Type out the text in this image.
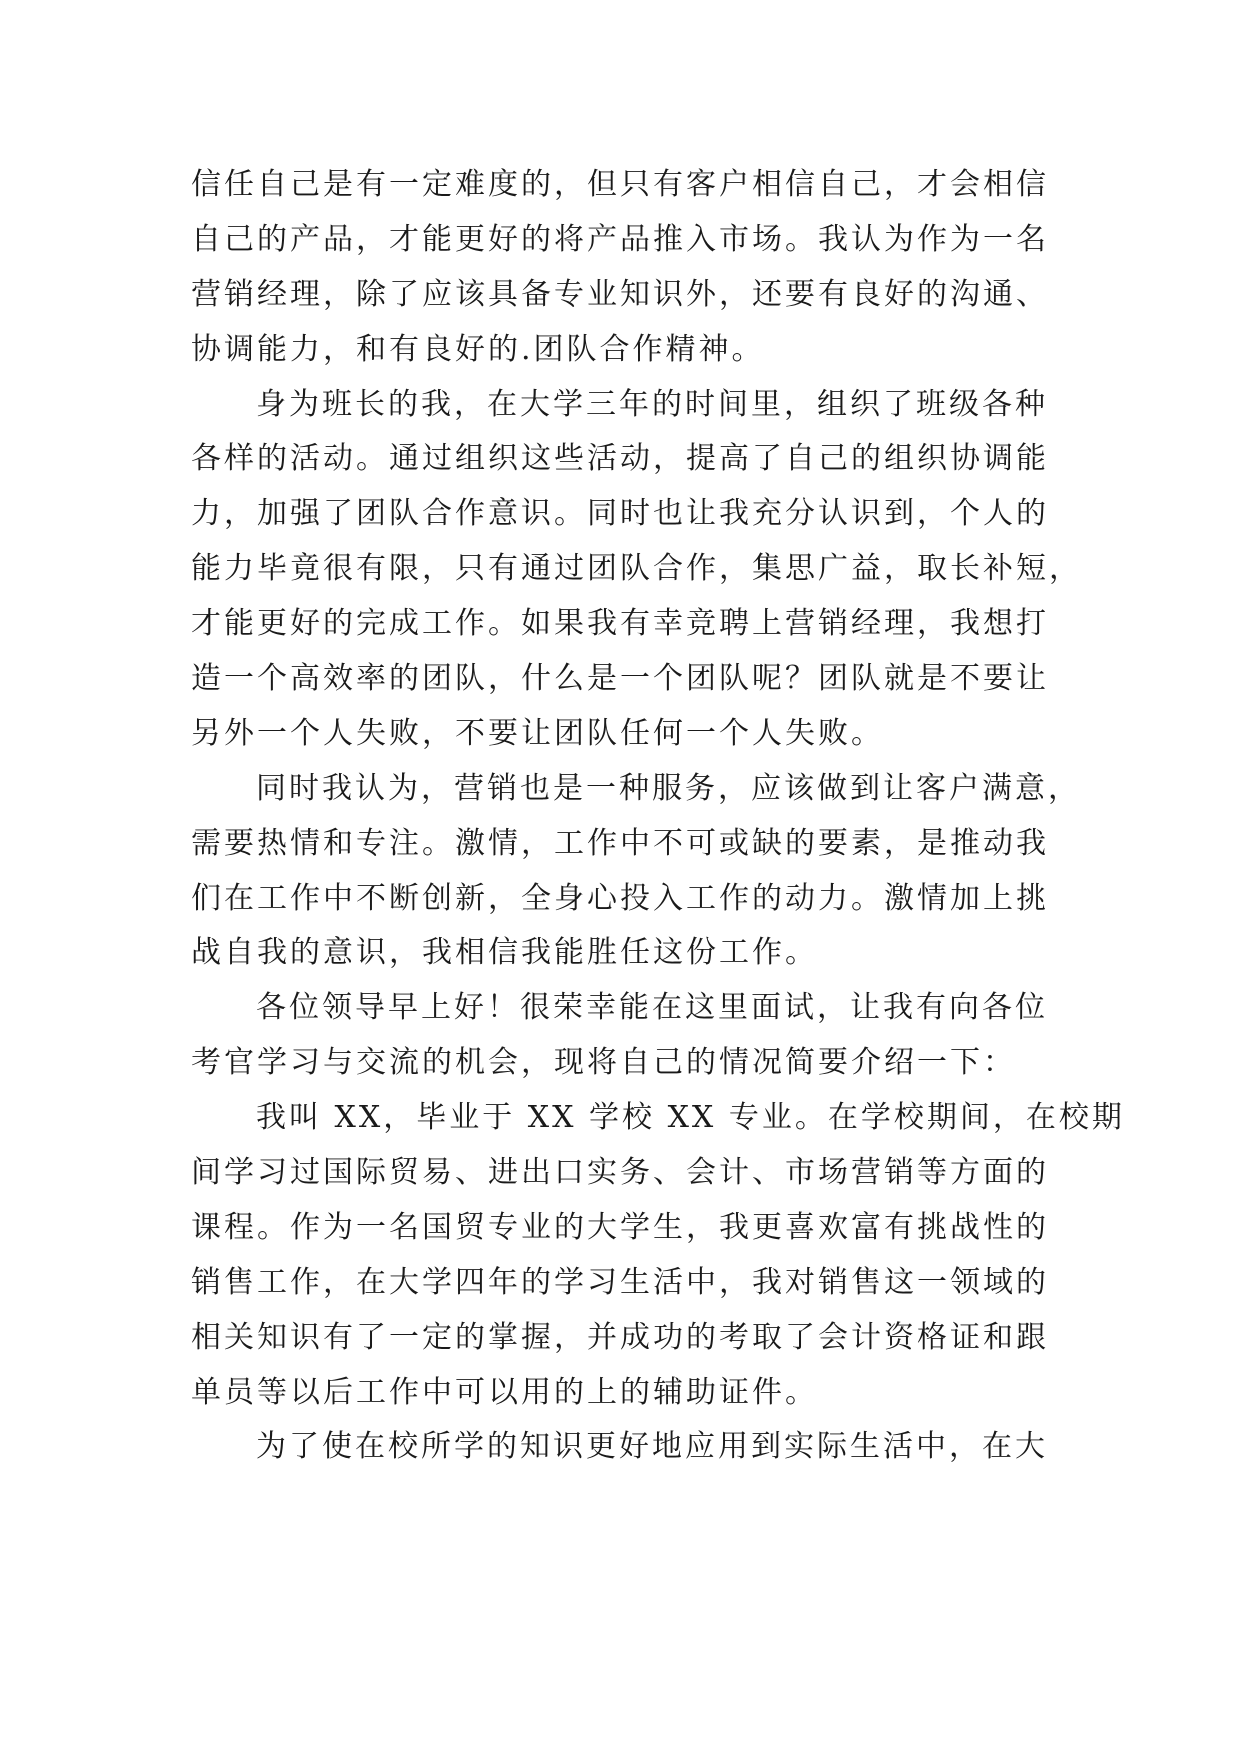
信任自己是有一定难度的，但只有客户相信自己，才会相信
自己的产品，才能更好的将产品推入市场。我认为作为一名
营销经理，除了应该具备专业知识外，还要有良好的沟通、
协调能力，和有良好的.团队合作精神。
身为班长的我，在大学三年的时间里，组织了班级各种
各样的活动。通过组织这些活动，提高了自己的组织协调能
力，加强了团队合作意识。同时也让我充分认识到，个人的
能力毕竟很有限，只有通过团队合作，集思广益，取长补短，
才能更好的完成工作。如果我有幸竞聘上营销经理，我想打
造一个高效率的团队，什么是一个团队呢？团队就是不要让
另外一个人失败，不要让团队任何一个人失败。
同时我认为，营销也是一种服务，应该做到让客户满意，
需要热情和专注。激情，工作中不可或缺的要素，是推动我
们在工作中不断创新，全身心投入工作的动力。激情加上挑
战自我的意识，我相信我能胜任这份工作。
各位领导早上好！很荣幸能在这里面试，让我有向各位
考官学习与交流的机会，现将自己的情况简要介绍一下：
我叫 XX，毕业于 XX 学校 XX 专业。在学校期间，在校期
间学习过国际贸易、进出口实务、会计、市场营销等方面的
课程。作为一名国贸专业的大学生，我更喜欢富有挑战性的
销售工作，在大学四年的学习生活中，我对销售这一领域的
相关知识有了一定的掌握，并成功的考取了会计资格证和跟
单员等以后工作中可以用的上的辅助证件。
为了使在校所学的知识更好地应用到实际生活中，在大
